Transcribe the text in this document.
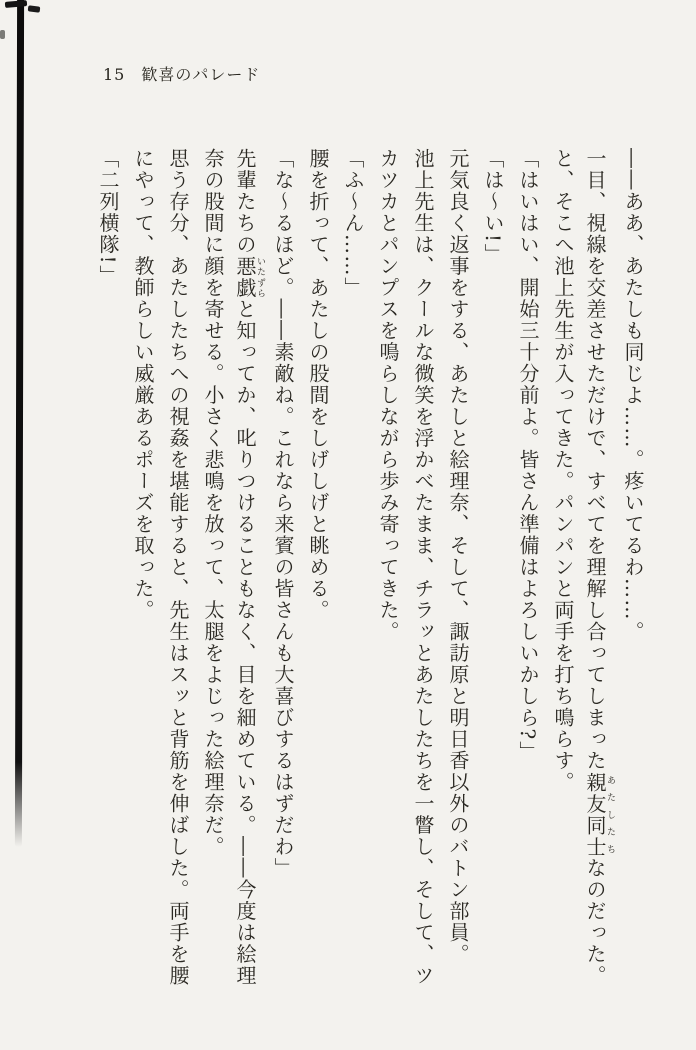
15 歓喜のパレード
――ああ、あたしも同じよ……。疼いてるわ……。
一目、視線を交差させただけで、すべてを理解し合ってしまった親友同士あたしたちなのだった。
と、そこへ池上先生が入ってきた。パンパンと両手を打ち鳴らす。
「はいはい、開始三十分前よ。皆さん準備はよろしいかしら?」
「は〜い!」
元気良く返事をする、あたしと絵理奈、そして、諏訪原と明日香以外のバトン部員。
池上先生は、クールな微笑を浮かべたまま、チラッとあたしたちを一瞥し、そして、ツ
カツカとパンプスを鳴らしながら歩み寄ってきた。
「ふ〜ん……」
腰を折って、あたしの股間をしげしげと眺める。
「な〜るほど。――素敵ね。これなら来賓の皆さんも大喜びするはずだわ」
先輩たちの悪戯いたずらと知ってか、叱りつけることもなく、目を細めている。――今度は絵理
奈の股間に顔を寄せる。小さく悲鳴を放って、太腿をよじった絵理奈だ。
思う存分、あたしたちへの視姦を堪能すると、先生はスッと背筋を伸ばした。両手を腰
にやって、教師らしい威厳あるポーズを取った。
「二列横隊!」
